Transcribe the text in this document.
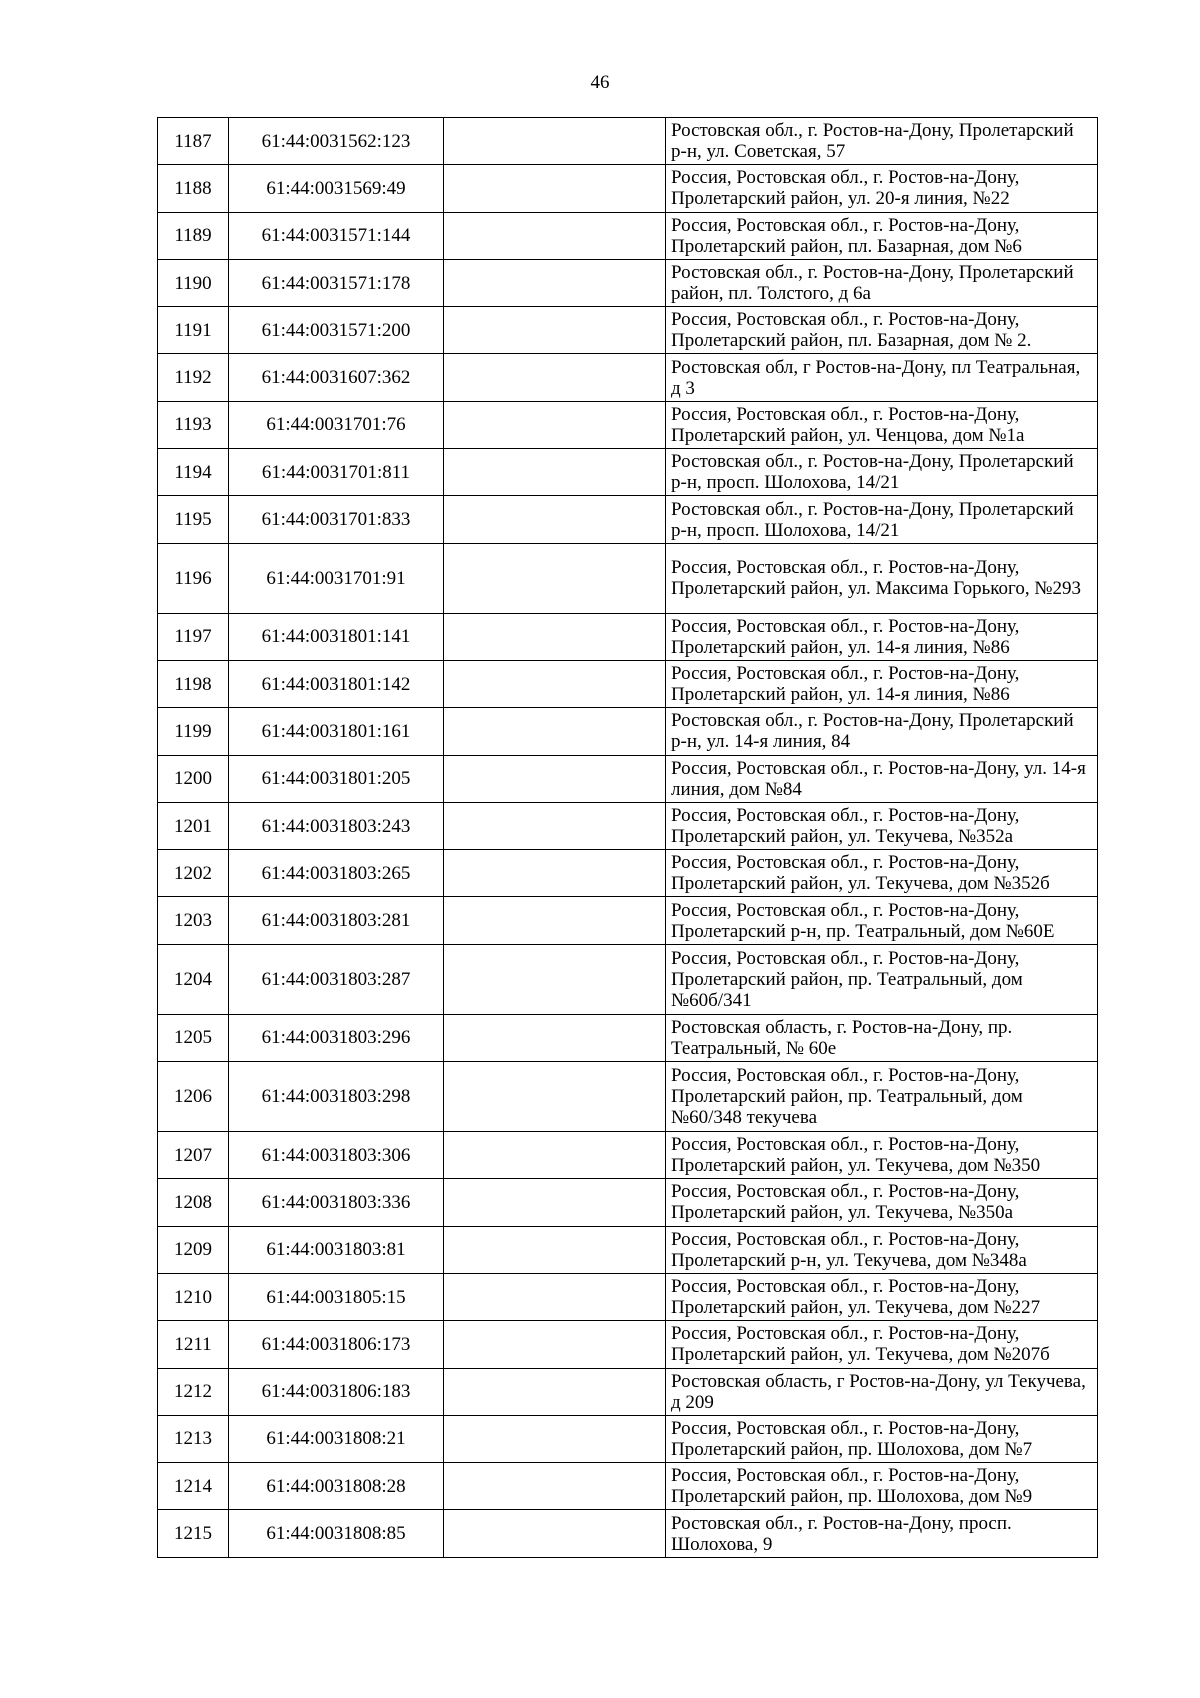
46
1187	61:44:0031562:123		Ростовская обл., г. Ростов-на-Дону, Пролетарский р-н, ул. Советская, 57
1188	61:44:0031569:49		Россия, Ростовская обл., г. Ростов-на-Дону, Пролетарский район, ул. 20-я линия, №22
1189	61:44:0031571:144		Россия, Ростовская обл., г. Ростов-на-Дону, Пролетарский район, пл. Базарная, дом №6
1190	61:44:0031571:178		Ростовская обл., г. Ростов-на-Дону, Пролетарский район, пл. Толстого, д 6а
1191	61:44:0031571:200		Россия, Ростовская обл., г. Ростов-на-Дону, Пролетарский район, пл. Базарная, дом № 2.
1192	61:44:0031607:362		Ростовская обл, г Ростов-на-Дону, пл Театральная, д 3
1193	61:44:0031701:76		Россия, Ростовская обл., г. Ростов-на-Дону, Пролетарский район, ул. Ченцова, дом №1а
1194	61:44:0031701:811		Ростовская обл., г. Ростов-на-Дону, Пролетарский р-н, просп. Шолохова, 14/21
1195	61:44:0031701:833		Ростовская обл., г. Ростов-на-Дону, Пролетарский р-н, просп. Шолохова, 14/21
1196	61:44:0031701:91		Россия, Ростовская обл., г. Ростов-на-Дону, Пролетарский район, ул. Максима Горького, №293
1197	61:44:0031801:141		Россия, Ростовская обл., г. Ростов-на-Дону, Пролетарский район, ул. 14-я линия, №86
1198	61:44:0031801:142		Россия, Ростовская обл., г. Ростов-на-Дону, Пролетарский район, ул. 14-я линия, №86
1199	61:44:0031801:161		Ростовская обл., г. Ростов-на-Дону, Пролетарский р-н, ул. 14-я линия, 84
1200	61:44:0031801:205		Россия, Ростовская обл., г. Ростов-на-Дону, ул. 14-я линия, дом №84
1201	61:44:0031803:243		Россия, Ростовская обл., г. Ростов-на-Дону, Пролетарский район, ул. Текучева, №352а
1202	61:44:0031803:265		Россия, Ростовская обл., г. Ростов-на-Дону, Пролетарский район, ул. Текучева, дом №352б
1203	61:44:0031803:281		Россия, Ростовская обл., г. Ростов-на-Дону, Пролетарский р-н, пр. Театральный, дом №60Е
1204	61:44:0031803:287		Россия, Ростовская обл., г. Ростов-на-Дону, Пролетарский район, пр. Театральный, дом №60б/341
1205	61:44:0031803:296		Ростовская область, г. Ростов-на-Дону, пр. Театральный, № 60е
1206	61:44:0031803:298		Россия, Ростовская обл., г. Ростов-на-Дону, Пролетарский район, пр. Театральный, дом №60/348 текучева
1207	61:44:0031803:306		Россия, Ростовская обл., г. Ростов-на-Дону, Пролетарский район, ул. Текучева, дом №350
1208	61:44:0031803:336		Россия, Ростовская обл., г. Ростов-на-Дону, Пролетарский район, ул. Текучева, №350а
1209	61:44:0031803:81		Россия, Ростовская обл., г. Ростов-на-Дону, Пролетарский р-н, ул. Текучева, дом №348а
1210	61:44:0031805:15		Россия, Ростовская обл., г. Ростов-на-Дону, Пролетарский район, ул. Текучева, дом №227
1211	61:44:0031806:173		Россия, Ростовская обл., г. Ростов-на-Дону, Пролетарский район, ул. Текучева, дом №207б
1212	61:44:0031806:183		Ростовская область, г Ростов-на-Дону, ул Текучева, д 209
1213	61:44:0031808:21		Россия, Ростовская обл., г. Ростов-на-Дону, Пролетарский район, пр. Шолохова, дом №7
1214	61:44:0031808:28		Россия, Ростовская обл., г. Ростов-на-Дону, Пролетарский район, пр. Шолохова, дом №9
1215	61:44:0031808:85		Ростовская обл., г. Ростов-на-Дону, просп. Шолохова, 9
